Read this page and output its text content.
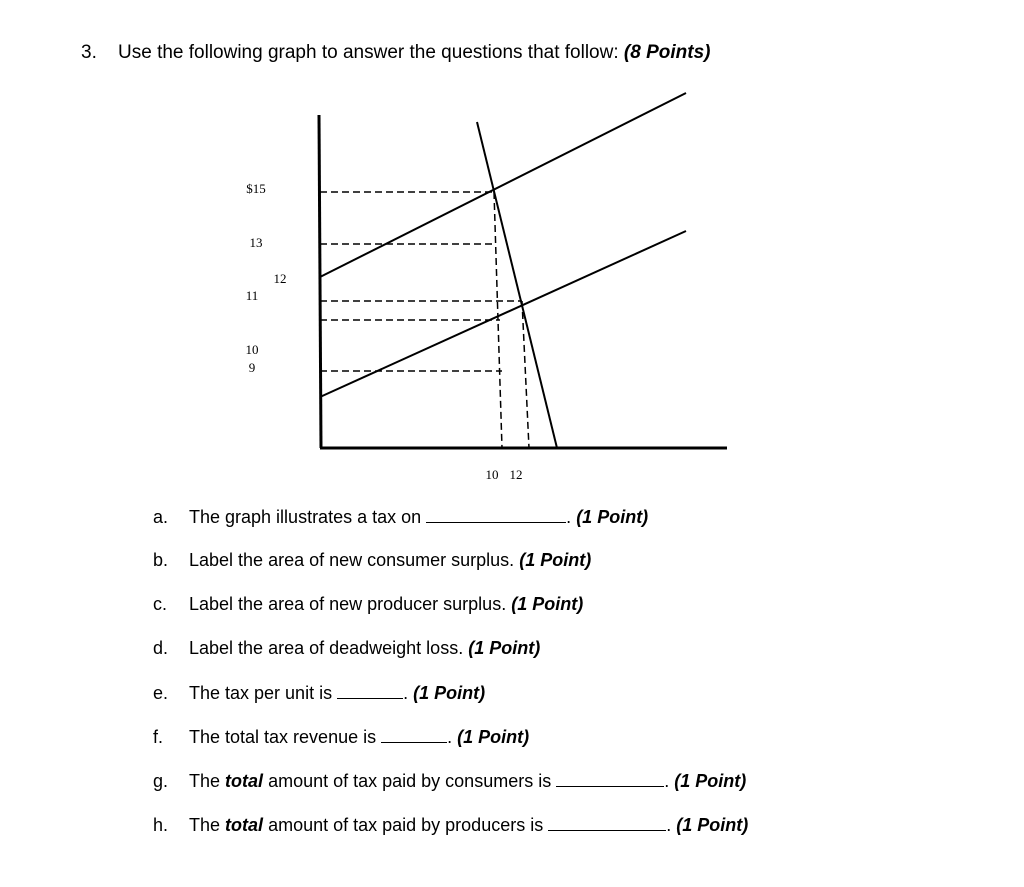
3. Use the following graph to answer the questions that follow: (8 Points)
$15
13
11
10
9
12
10 12
a. The graph illustrates a tax on	. (1 Point)
b. Label the area of new consumer surplus. (1 Point)
c. Label the area of new producer surplus. (1 Point)
d. Label the area of deadweight loss. (1 Point)
e. The tax per unit is	. (1 Point)
f. The total tax revenue is	. (1 Point)
g. The total amount of tax paid by consumers is	. (1 Point)
h. The total amount of tax paid by producers is	. (1 Point)
